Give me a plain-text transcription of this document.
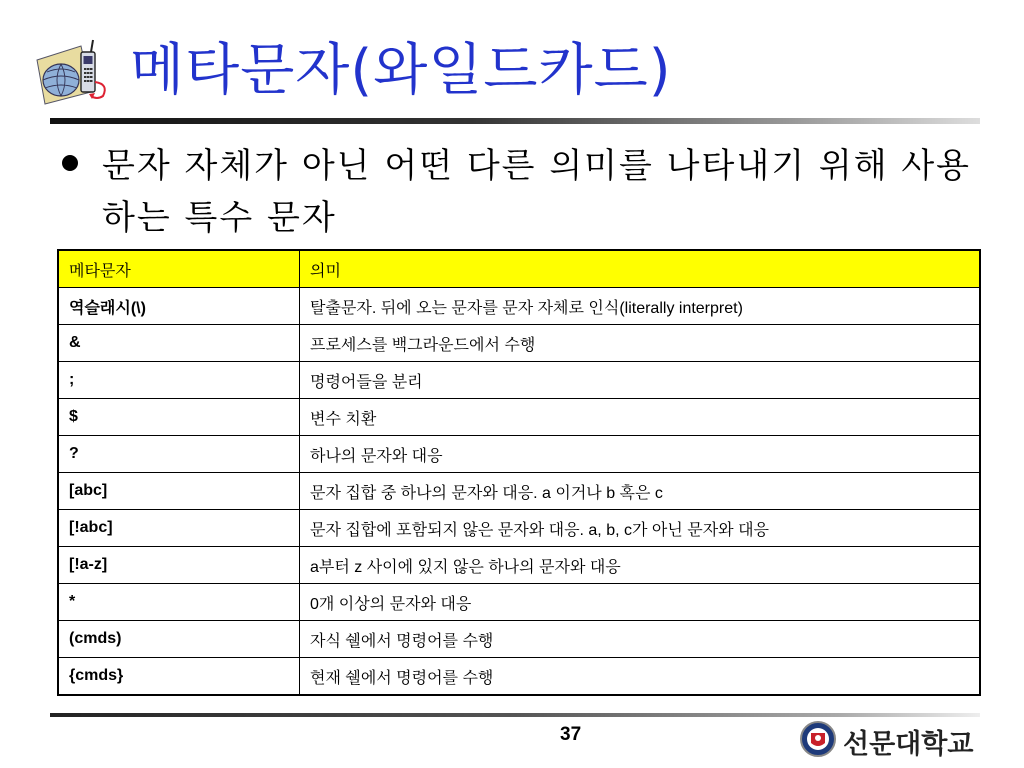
메타문자(와일드카드)
문자 자체가 아닌 어떤 다른 의미를 나타내기 위해 사용하는 특수 문자
메타문자	의미
역슬래시(\)	탈출문자. 뒤에 오는 문자를 문자 자체로 인식(literally interpret)
&	프로세스를 백그라운드에서 수행
;	명령어들을 분리
$	변수 치환
?	하나의 문자와 대응
[abc]	문자 집합 중 하나의 문자와 대응. a 이거나 b 혹은 c
[!abc]	문자 집합에 포함되지 않은 문자와 대응. a, b, c가 아닌 문자와 대응
[!a-z]	a부터 z 사이에 있지 않은 하나의 문자와 대응
*	0개 이상의 문자와 대응
(cmds)	자식 쉘에서 명령어를 수행
{cmds}	현재 쉘에서 명령어를 수행
37	선문대학교
